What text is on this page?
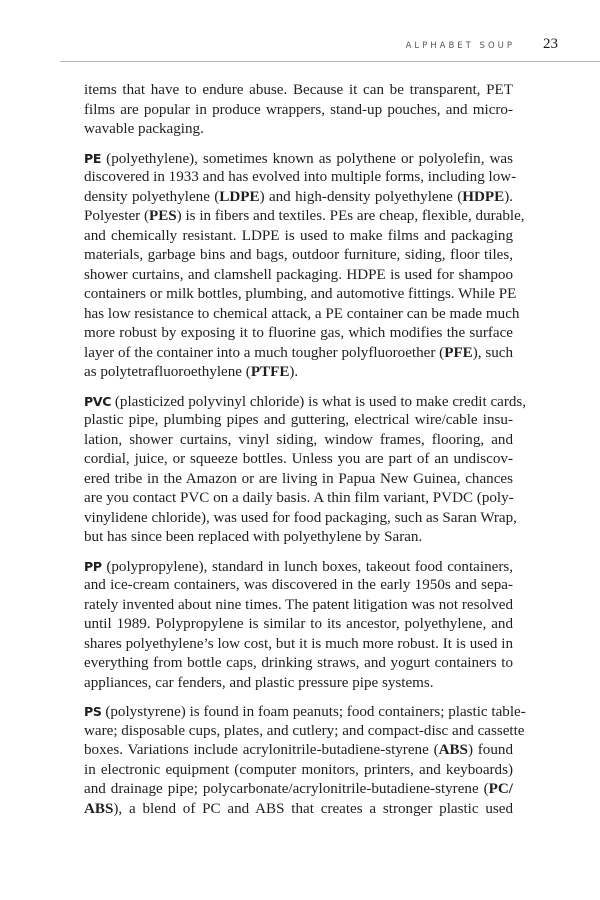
ALPHABET SOUP 23

items that have to endure abuse. Because it can be transparent, PET
films are popular in produce wrappers, stand-up pouches, and micro-
wavable packaging.

PE (polyethylene), sometimes known as polythene or polyolefin, was
discovered in 1933 and has evolved into multiple forms, including low-
density polyethylene (LDPE) and high-density polyethylene (HDPE).
Polyester (PES) is in fibers and textiles. PEs are cheap, flexible, durable,
and chemically resistant. LDPE is used to make films and packaging
materials, garbage bins and bags, outdoor furniture, siding, floor tiles,
shower curtains, and clamshell packaging. HDPE is used for shampoo
containers or milk bottles, plumbing, and automotive fittings. While PE
has low resistance to chemical attack, a PE container can be made much
more robust by exposing it to fluorine gas, which modifies the surface
layer of the container into a much tougher polyfluoroether (PFE), such
as polytetrafluoroethylene (PTFE).

PVC (plasticized polyvinyl chloride) is what is used to make credit cards,
plastic pipe, plumbing pipes and guttering, electrical wire/cable insu-
lation, shower curtains, vinyl siding, window frames, flooring, and
cordial, juice, or squeeze bottles. Unless you are part of an undiscov-
ered tribe in the Amazon or are living in Papua New Guinea, chances
are you contact PVC on a daily basis. A thin film variant, PVDC (poly-
vinylidene chloride), was used for food packaging, such as Saran Wrap,
but has since been replaced with polyethylene by Saran.

PP (polypropylene), standard in lunch boxes, takeout food containers,
and ice-cream containers, was discovered in the early 1950s and sepa-
rately invented about nine times. The patent litigation was not resolved
until 1989. Polypropylene is similar to its ancestor, polyethylene, and
shares polyethylene’s low cost, but it is much more robust. It is used in
everything from bottle caps, drinking straws, and yogurt containers to
appliances, car fenders, and plastic pressure pipe systems.

PS (polystyrene) is found in foam peanuts; food containers; plastic table-
ware; disposable cups, plates, and cutlery; and compact-disc and cassette
boxes. Variations include acrylonitrile-butadiene-styrene (ABS) found
in electronic equipment (computer monitors, printers, and keyboards)
and drainage pipe; polycarbonate/acrylonitrile-butadiene-styrene (PC/
ABS), a blend of PC and ABS that creates a stronger plastic used
